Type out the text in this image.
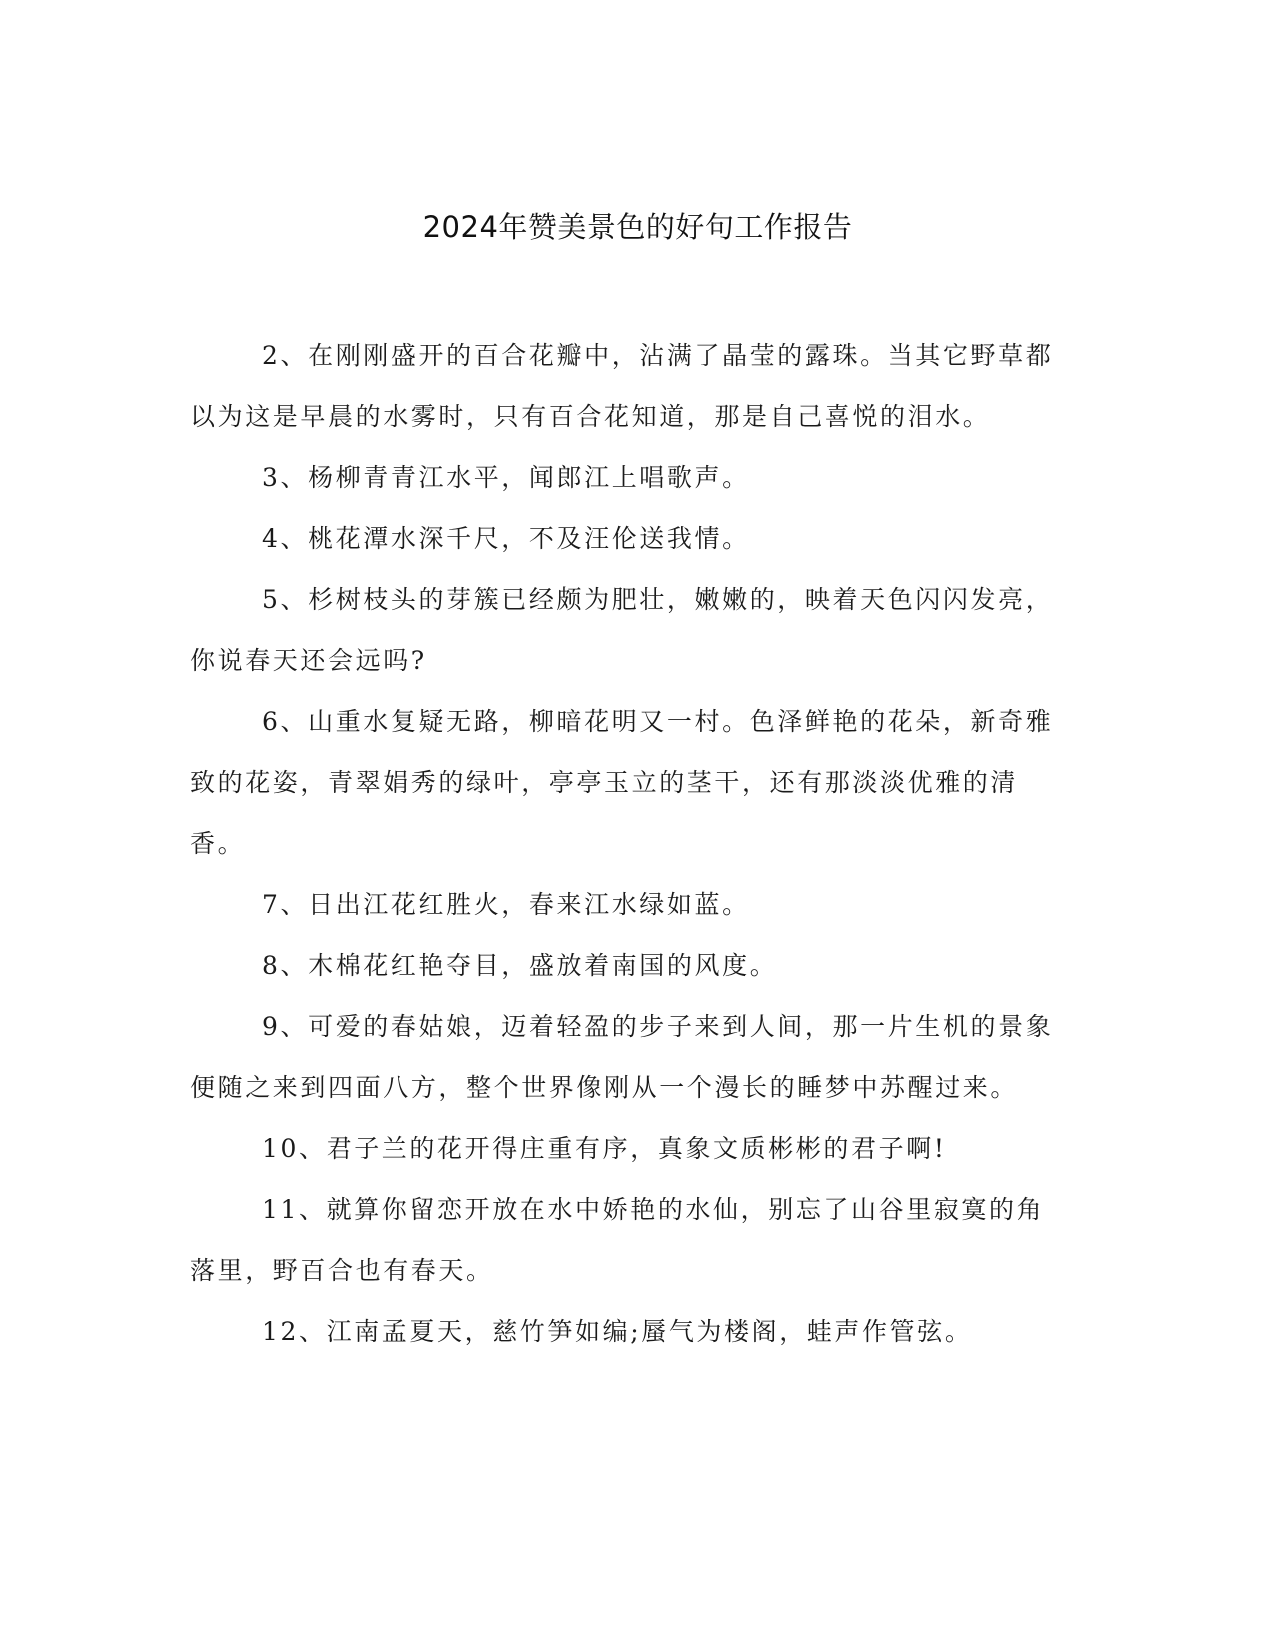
2024年赞美景色的好句工作报告

2、在刚刚盛开的百合花瓣中，沾满了晶莹的露珠。当其它野草都以为这是早晨的水雾时，只有百合花知道，那是自己喜悦的泪水。

3、杨柳青青江水平，闻郎江上唱歌声。

4、桃花潭水深千尺，不及汪伦送我情。

5、杉树枝头的芽簇已经颇为肥壮，嫩嫩的，映着天色闪闪发亮，你说春天还会远吗?

6、山重水复疑无路，柳暗花明又一村。色泽鲜艳的花朵，新奇雅致的花姿，青翠娟秀的绿叶，亭亭玉立的茎干，还有那淡淡优雅的清香。

7、日出江花红胜火，春来江水绿如蓝。

8、木棉花红艳夺目，盛放着南国的风度。

9、可爱的春姑娘，迈着轻盈的步子来到人间，那一片生机的景象便随之来到四面八方，整个世界像刚从一个漫长的睡梦中苏醒过来。

10、君子兰的花开得庄重有序，真象文质彬彬的君子啊!

11、就算你留恋开放在水中娇艳的水仙，别忘了山谷里寂寞的角落里，野百合也有春天。

12、江南孟夏天，慈竹笋如编;蜃气为楼阁，蛙声作管弦。
